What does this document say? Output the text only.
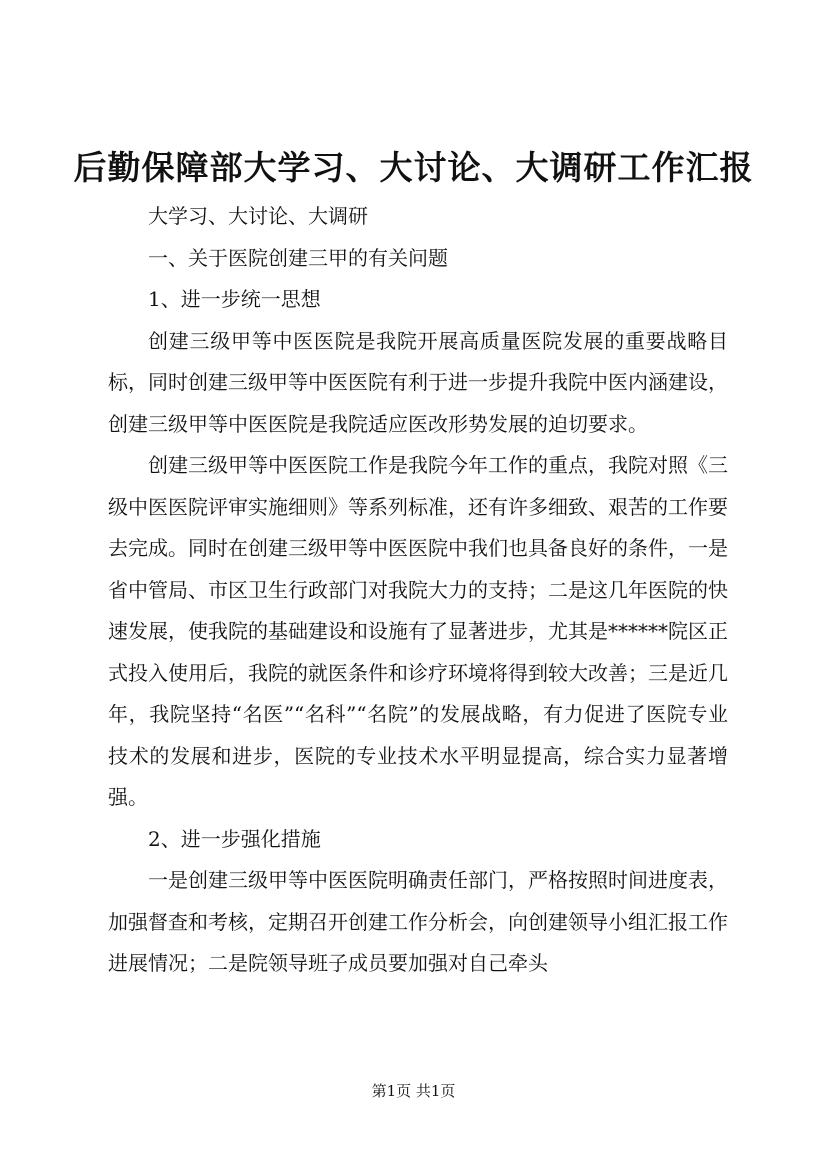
后勤保障部大学习、大讨论、大调研工作汇报

大学习、大讨论、大调研

一、关于医院创建三甲的有关问题

1、进一步统一思想

创建三级甲等中医医院是我院开展高质量医院发展的重要战略目标，同时创建三级甲等中医医院有利于进一步提升我院中医内涵建设，创建三级甲等中医医院是我院适应医改形势发展的迫切要求。

创建三级甲等中医医院工作是我院今年工作的重点，我院对照《三级中医医院评审实施细则》等系列标准，还有许多细致、艰苦的工作要去完成。同时在创建三级甲等中医医院中我们也具备良好的条件，一是省中管局、市区卫生行政部门对我院大力的支持；二是这几年医院的快速发展，使我院的基础建设和设施有了显著进步，尤其是******院区正式投入使用后，我院的就医条件和诊疗环境将得到较大改善；三是近几年，我院坚持“名医”“名科”“名院”的发展战略，有力促进了医院专业技术的发展和进步，医院的专业技术水平明显提高，综合实力显著增强。

2、进一步强化措施

一是创建三级甲等中医医院明确责任部门，严格按照时间进度表，加强督查和考核，定期召开创建工作分析会，向创建领导小组汇报工作进展情况；二是院领导班子成员要加强对自己牵头

第1页 共1页
